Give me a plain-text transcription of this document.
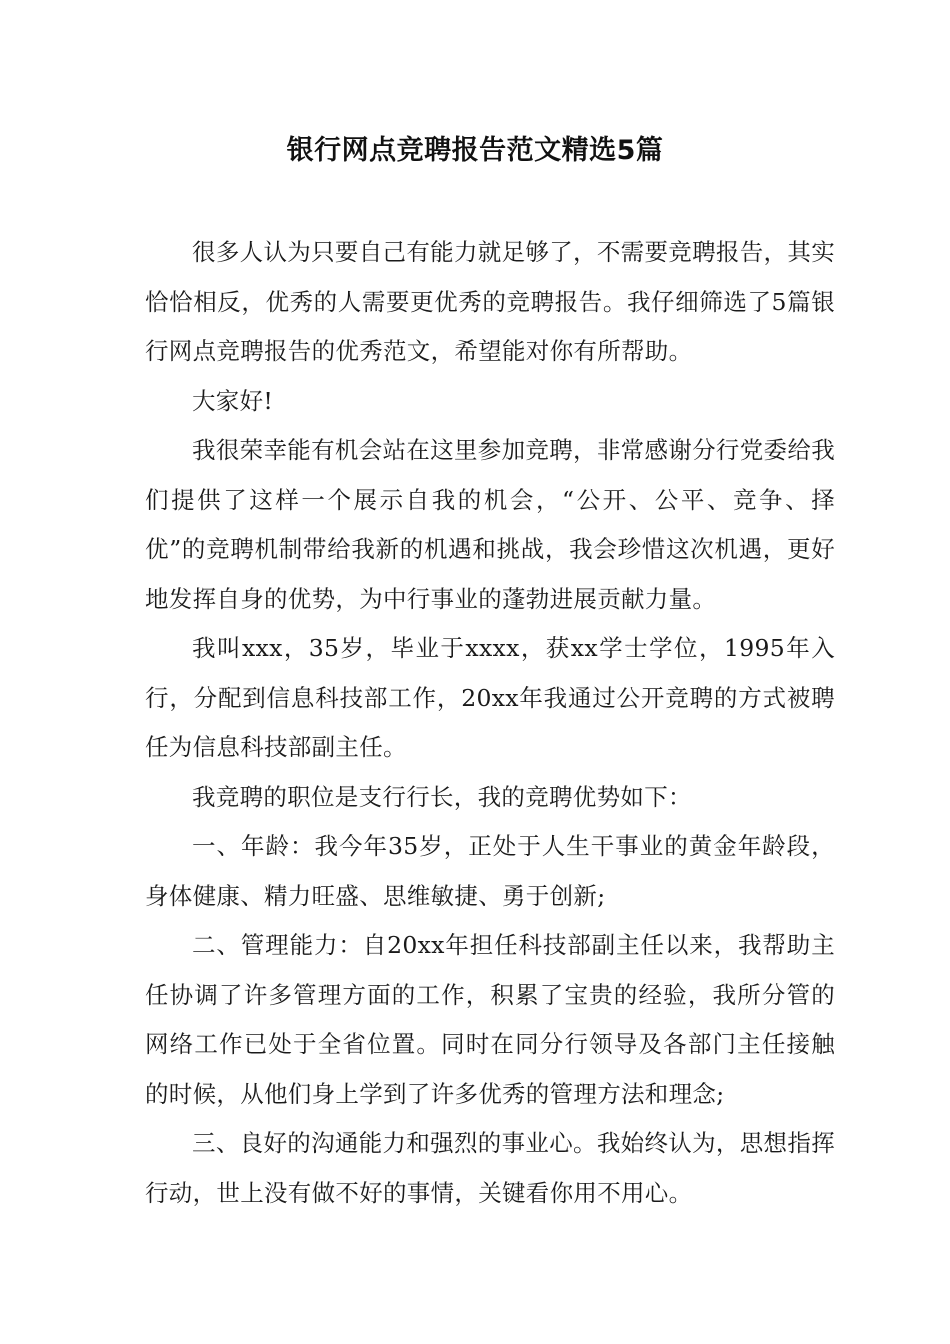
银行网点竞聘报告范文精选5篇

很多人认为只要自己有能力就足够了，不需要竞聘报告，其实恰恰相反，优秀的人需要更优秀的竞聘报告。我仔细筛选了5篇银行网点竞聘报告的优秀范文，希望能对你有所帮助。

大家好!

我很荣幸能有机会站在这里参加竞聘，非常感谢分行党委给我们提供了这样一个展示自我的机会，“公开、公平、竞争、择优”的竞聘机制带给我新的机遇和挑战，我会珍惜这次机遇，更好地发挥自身的优势，为中行事业的蓬勃进展贡献力量。

我叫xxx，35岁，毕业于xxxx，获xx学士学位，1995年入行，分配到信息科技部工作，20xx年我通过公开竞聘的方式被聘任为信息科技部副主任。

我竞聘的职位是支行行长，我的竞聘优势如下：

一、年龄：我今年35岁，正处于人生干事业的黄金年龄段，身体健康、精力旺盛、思维敏捷、勇于创新;

二、管理能力：自20xx年担任科技部副主任以来，我帮助主任协调了许多管理方面的工作，积累了宝贵的经验，我所分管的网络工作已处于全省位置。同时在同分行领导及各部门主任接触的时候，从他们身上学到了许多优秀的管理方法和理念;

三、良好的沟通能力和强烈的事业心。我始终认为，思想指挥行动，世上没有做不好的事情，关键看你用不用心。
